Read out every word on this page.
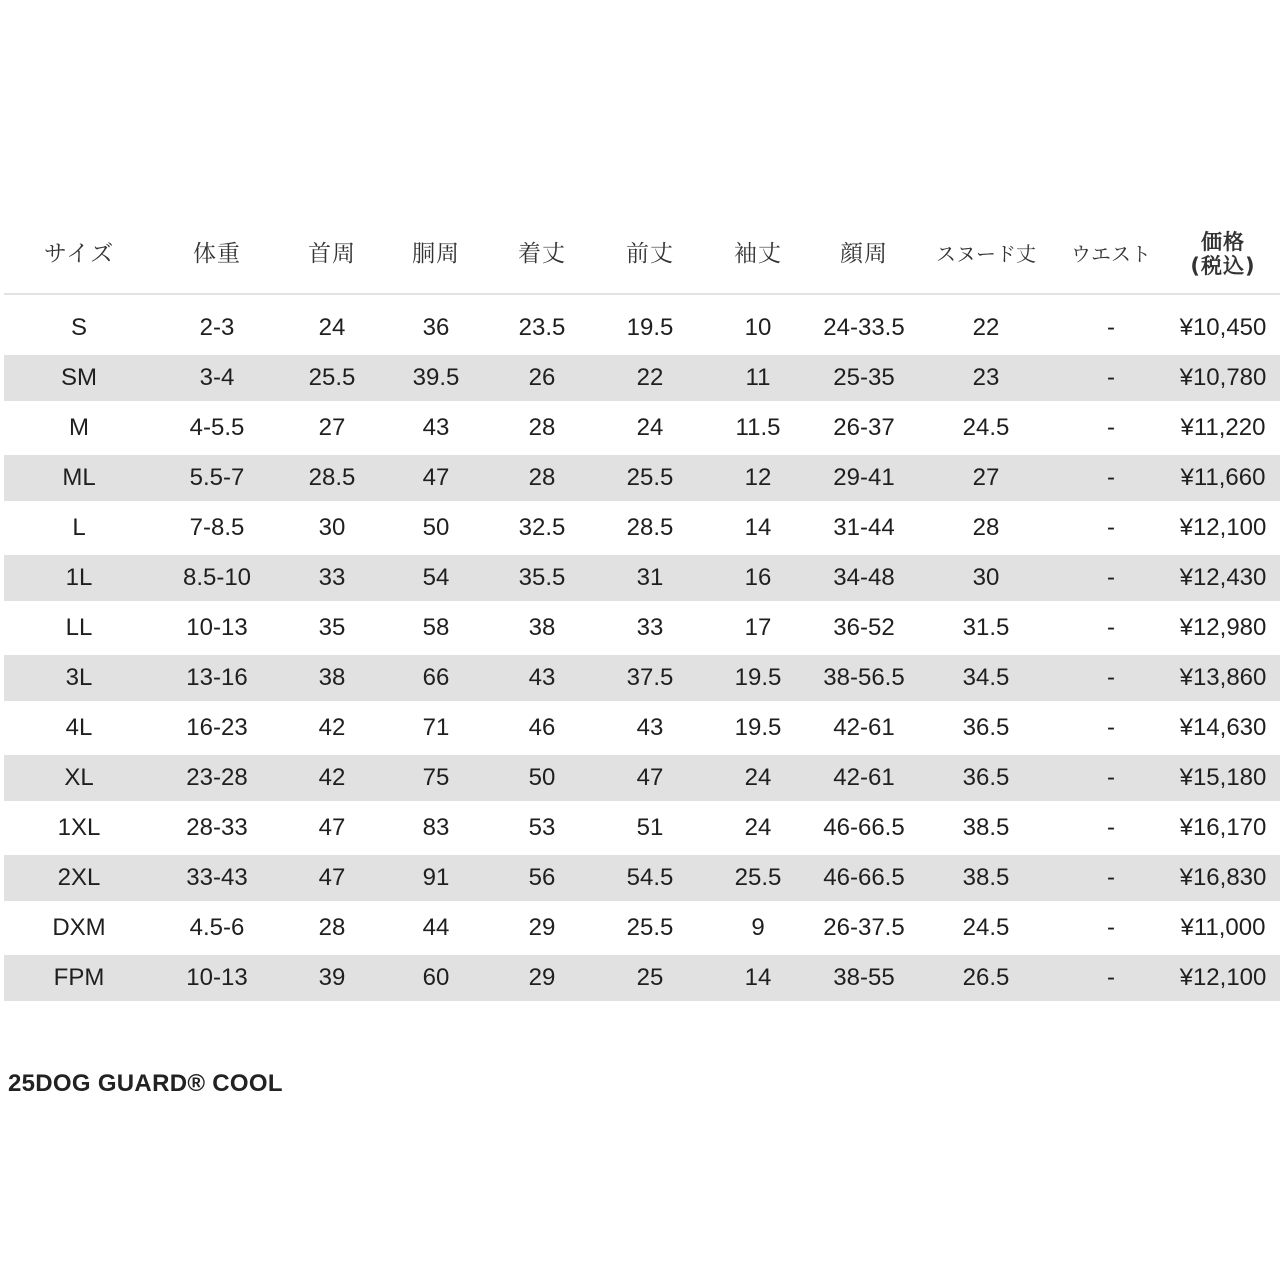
サイズ	体重	首周	胴周	着丈	前丈	袖丈	顔周	スヌード丈	ウエスト	価格
(税込)
S	2-3	24	36	23.5	19.5	10	24-33.5	22	-	¥10,450
SM	3-4	25.5	39.5	26	22	11	25-35	23	-	¥10,780
M	4-5.5	27	43	28	24	11.5	26-37	24.5	-	¥11,220
ML	5.5-7	28.5	47	28	25.5	12	29-41	27	-	¥11,660
L	7-8.5	30	50	32.5	28.5	14	31-44	28	-	¥12,100
1L	8.5-10	33	54	35.5	31	16	34-48	30	-	¥12,430
LL	10-13	35	58	38	33	17	36-52	31.5	-	¥12,980
3L	13-16	38	66	43	37.5	19.5	38-56.5	34.5	-	¥13,860
4L	16-23	42	71	46	43	19.5	42-61	36.5	-	¥14,630
XL	23-28	42	75	50	47	24	42-61	36.5	-	¥15,180
1XL	28-33	47	83	53	51	24	46-66.5	38.5	-	¥16,170
2XL	33-43	47	91	56	54.5	25.5	46-66.5	38.5	-	¥16,830
DXM	4.5-6	28	44	29	25.5	9	26-37.5	24.5	-	¥11,000
FPM	10-13	39	60	29	25	14	38-55	26.5	-	¥12,100
25DOG GUARD® COOL
